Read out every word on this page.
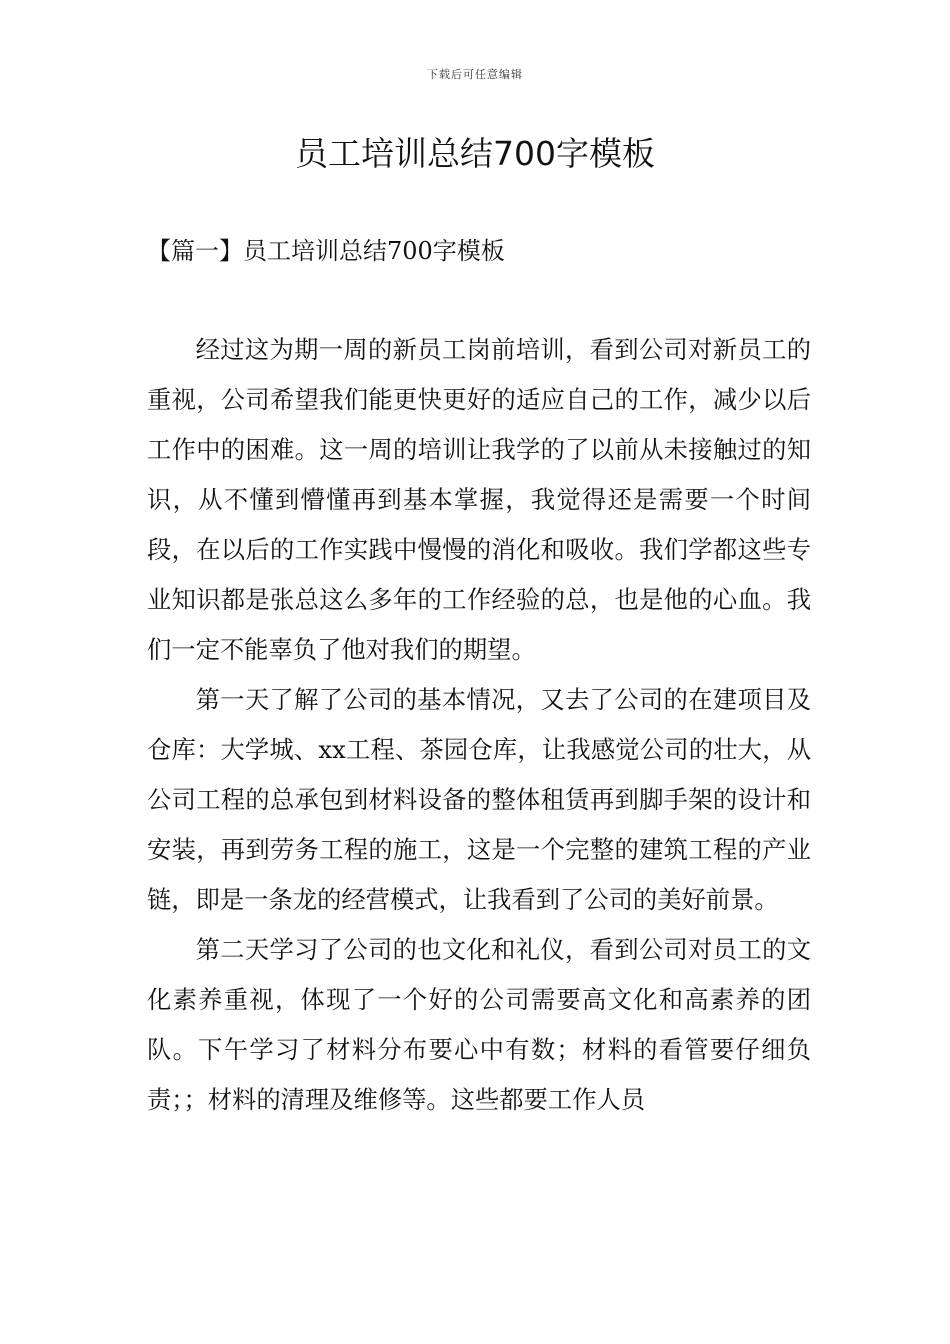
下载后可任意编辑
员工培训总结700字模板
【篇一】员工培训总结700字模板

经过这为期一周的新员工岗前培训，看到公司对新员工的重视，公司希望我们能更快更好的适应自己的工作，减少以后工作中的困难。这一周的培训让我学的了以前从未接触过的知识，从不懂到懵懂再到基本掌握，我觉得还是需要一个时间段，在以后的工作实践中慢慢的消化和吸收。我们学都这些专业知识都是张总这么多年的工作经验的总，也是他的心血。我们一定不能辜负了他对我们的期望。

第一天了解了公司的基本情况，又去了公司的在建项目及仓库：大学城、xx工程、茶园仓库，让我感觉公司的壮大，从公司工程的总承包到材料设备的整体租赁再到脚手架的设计和安装，再到劳务工程的施工，这是一个完整的建筑工程的产业链，即是一条龙的经营模式，让我看到了公司的美好前景。

第二天学习了公司的也文化和礼仪，看到公司对员工的文化素养重视，体现了一个好的公司需要高文化和高素养的团队。下午学习了材料分布要心中有数；材料的看管要仔细负责；；材料的清理及维修等。这些都要工作人员
